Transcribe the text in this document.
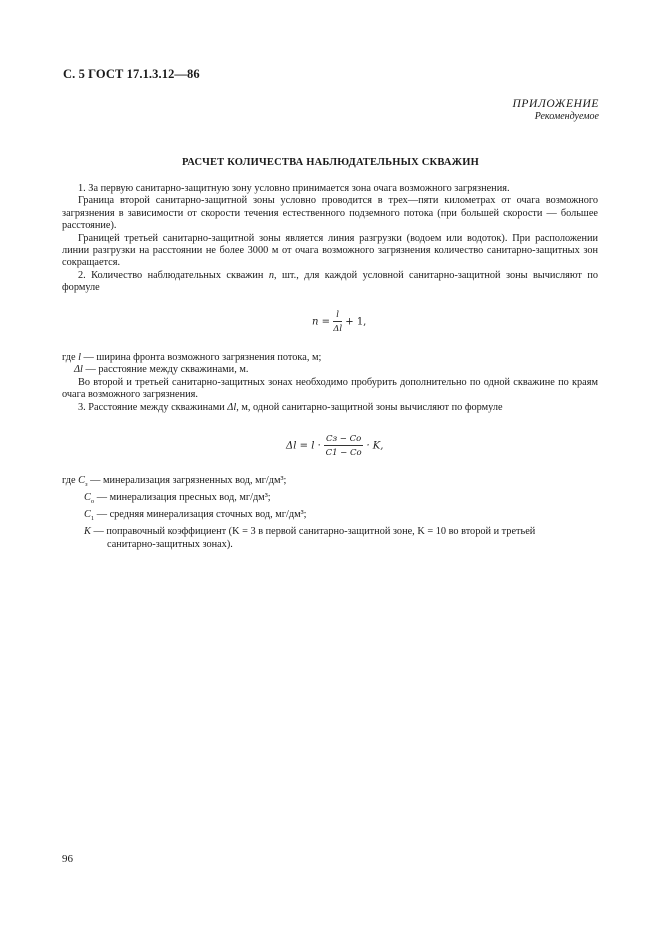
С. 5 ГОСТ 17.1.3.12—86
ПРИЛОЖЕНИЕ
Рекомендуемое
РАСЧЕТ КОЛИЧЕСТВА НАБЛЮДАТЕЛЬНЫХ СКВАЖИН

1. За первую санитарно-защитную зону условно принимается зона очага возможного загрязнения.

Граница второй санитарно-защитной зоны условно проводится в трех—пяти километрах от очага возможного загрязнения в зависимости от скорости течения естественного подземного потока (при большей скорости — большее расстояние).

Границей третьей санитарно-защитной зоны является линия разгрузки (водоем или водоток). При расположении линии разгрузки на расстоянии не более 3000 м от очага возможного загрязнения количество санитарно-защитных зон сокращается.

2. Количество наблюдательных скважин n, шт., для каждой условной санитарно-защитной зоны вычисляют по формуле

$n = \frac{l}{\Delta l} + 1$,
где l — ширина фронта возможного загрязнения потока, м;
Δl — расстояние между скважинами, м.

Во второй и третьей санитарно-защитных зонах необходимо пробурить дополнительно по одной скважине по краям очага возможного загрязнения.

3. Расстояние между скважинами Δl, м, одной санитарно-защитной зоны вычисляют по формуле

$\Delta l = l \cdot \frac{Cз - Cо}{C1 - Cо} \cdot K$,
где $C_з$ — минерализация загрязненных вод, мг/дм³;
$C_о$ — минерализация пресных вод, мг/дм³;
$C_1$ — средняя минерализация сточных вод, мг/дм³;
K — поправочный коэффициент (K = 3 в первой санитарно-защитной зоне, K = 10 во второй и третьей
санитарно-защитных зонах).
96
